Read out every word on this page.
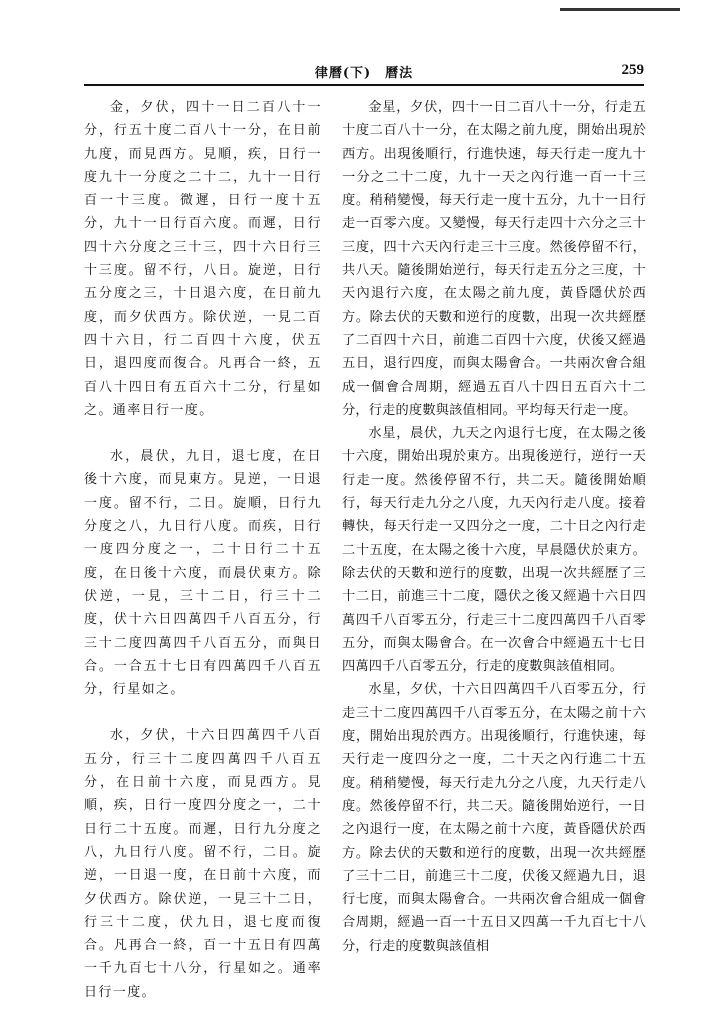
律曆(下)　曆法	259

金，夕伏，四十一日二百八十一分，行五十度二百八十一分，在日前九度，而見西方。見順，疾，日行一度九十一分度之二十二，九十一日行百一十三度。微遲，日行一度十五分，九十一日行百六度。而遲，日行四十六分度之三十三，四十六日行三十三度。留不行，八日。旋逆，日行五分度之三，十日退六度，在日前九度，而夕伏西方。除伏逆，一見二百四十六日，行二百四十六度，伏五日，退四度而復合。凡再合一終，五百八十四日有五百六十二分，行星如之。通率日行一度。

水，晨伏，九日，退七度，在日後十六度，而見東方。見逆，一日退一度。留不行，二日。旋順，日行九分度之八，九日行八度。而疾，日行一度四分度之一，二十日行二十五度，在日後十六度，而晨伏東方。除伏逆，一見，三十二日，行三十二度，伏十六日四萬四千八百五分，行三十二度四萬四千八百五分，而與日合。一合五十七日有四萬四千八百五分，行星如之。

水，夕伏，十六日四萬四千八百五分，行三十二度四萬四千八百五分，在日前十六度，而見西方。見順，疾，日行一度四分度之一，二十日行二十五度。而遲，日行九分度之八，九日行八度。留不行，二日。旋逆，一日退一度，在日前十六度，而夕伏西方。除伏逆，一見三十二日，行三十二度，伏九日，退七度而復合。凡再合一終，百一十五日有四萬一千九百七十八分，行星如之。通率日行一度。

金星，夕伏，四十一日二百八十一分，行走五十度二百八十一分，在太陽之前九度，開始出現於西方。出現後順行，行進快速，每天行走一度九十一分之二十二度，九十一天之內行進一百一十三度。稍稍變慢，每天行走一度十五分，九十一日行走一百零六度。又變慢，每天行走四十六分之三十三度，四十六天內行走三十三度。然後停留不行，共八天。隨後開始逆行，每天行走五分之三度，十天內退行六度，在太陽之前九度，黃昏隱伏於西方。除去伏的天數和逆行的度數，出現一次共經歷了二百四十六日，前進二百四十六度，伏後又經過五日，退行四度，而與太陽會合。一共兩次會合組成一個會合周期，經過五百八十四日五百六十二分，行走的度數與該值相同。平均每天行走一度。

水星，晨伏，九天之內退行七度，在太陽之後十六度，開始出現於東方。出現後逆行，逆行一天行走一度。然後停留不行，共二天。隨後開始順行，每天行走九分之八度，九天內行走八度。接着轉快，每天行走一又四分之一度，二十日之內行走二十五度，在太陽之後十六度，早晨隱伏於東方。除去伏的天數和逆行的度數，出現一次共經歷了三十二日，前進三十二度，隱伏之後又經過十六日四萬四千八百零五分，行走三十二度四萬四千八百零五分，而與太陽會合。在一次會合中經過五十七日四萬四千八百零五分，行走的度數與該值相同。

水星，夕伏，十六日四萬四千八百零五分，行走三十二度四萬四千八百零五分，在太陽之前十六度，開始出現於西方。出現後順行，行進快速，每天行走一度四分之一度，二十天之內行進二十五度。稍稍變慢，每天行走九分之八度，九天行走八度。然後停留不行，共二天。隨後開始逆行，一日之內退行一度，在太陽之前十六度，黃昏隱伏於西方。除去伏的天數和逆行的度數，出現一次共經歷了三十二日，前進三十二度，伏後又經過九日，退行七度，而與太陽會合。一共兩次會合組成一個會合周期，經過一百一十五日又四萬一千九百七十八分，行走的度數與該值相
